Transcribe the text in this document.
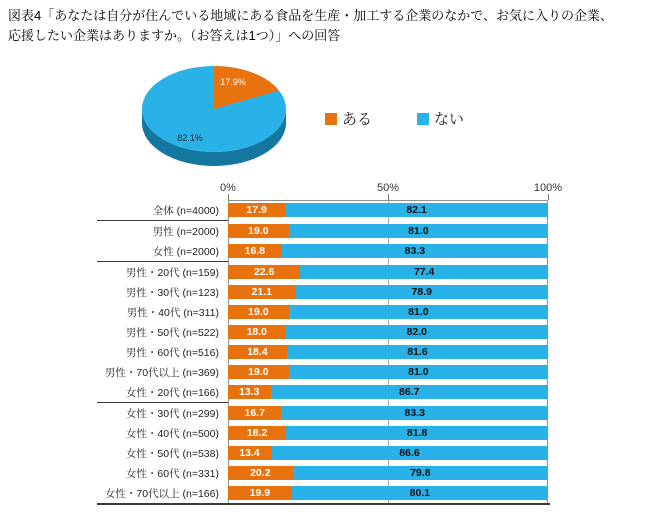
図表4「あなたは自分が住んでいる地域にある食品を生産・加工する企業のなかで、お気に入りの企業、
応援したい企業はありますか。（お答えは1つ）」への回答
17.9%
82.1%
ある	ない
0%	50%	100%
全体 (n=4000)	17.9	82.1
男性 (n=2000)	19.0	81.0
女性 (n=2000)	16.8	83.3
男性・20代 (n=159)	22.6	77.4
男性・30代 (n=123)	21.1	78.9
男性・40代 (n=311)	19.0	81.0
男性・50代 (n=522)	18.0	82.0
男性・60代 (n=516)	18.4	81.6
男性・70代以上 (n=369)	19.0	81.0
女性・20代 (n=166)	13.3	86.7
女性・30代 (n=299)	16.7	83.3
女性・40代 (n=500)	18.2	81.8
女性・50代 (n=538)	13.4	86.6
女性・60代 (n=331)	20.2	79.8
女性・70代以上 (n=166)	19.9	80.1
